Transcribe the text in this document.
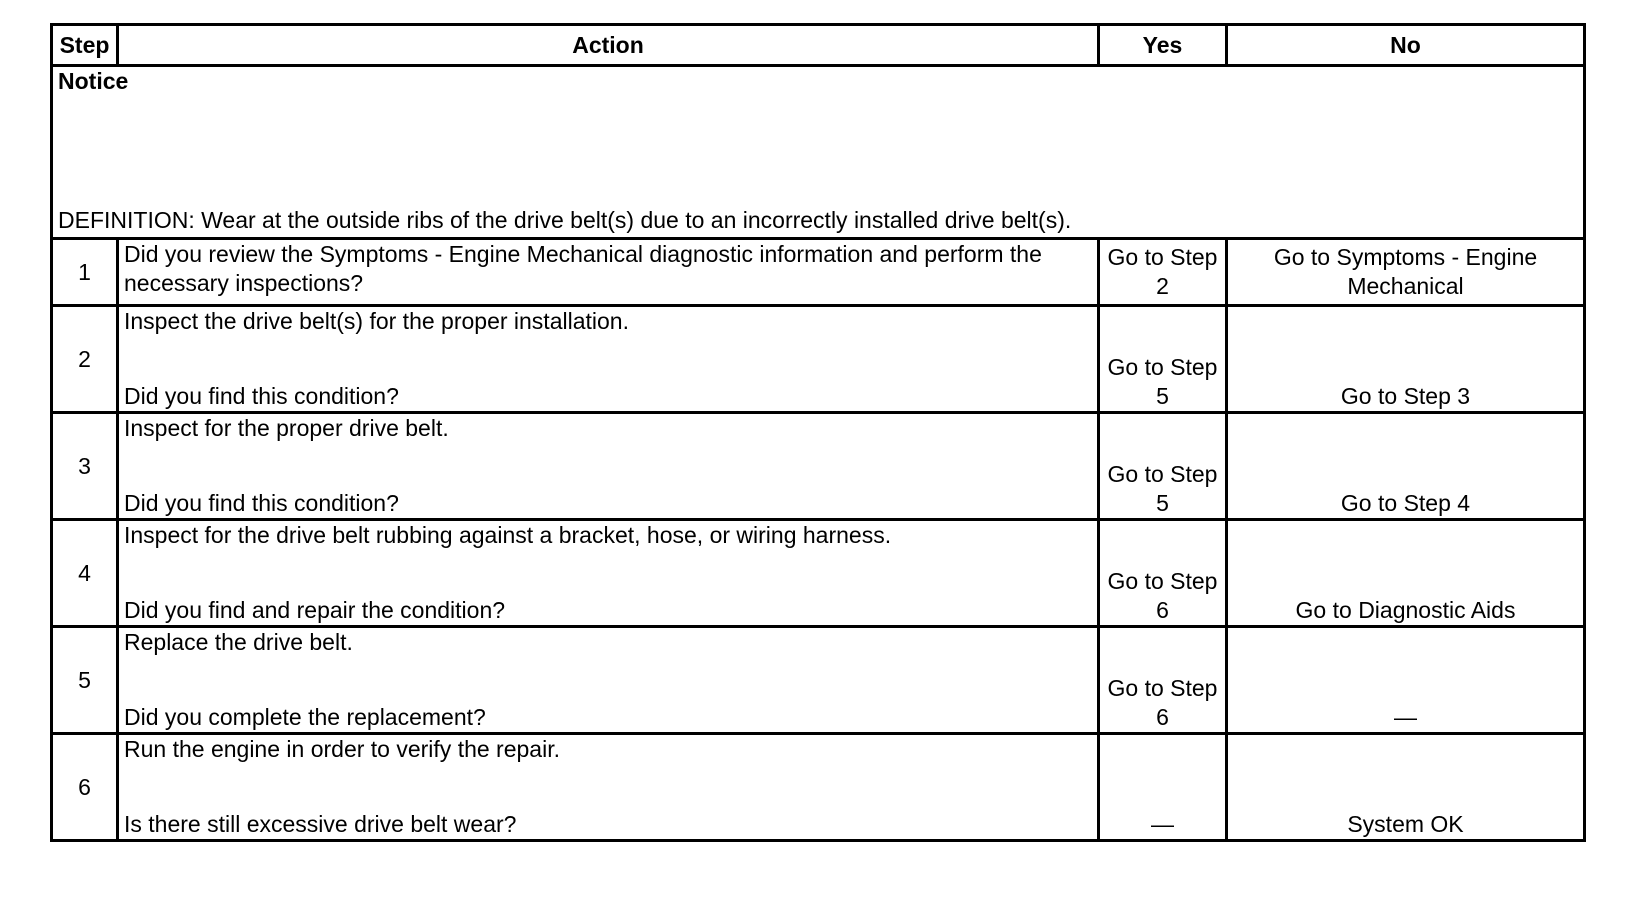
Step	Action	Yes	No

Notice
DEFINITION: Wear at the outside ribs of the drive belt(s) due to an incorrectly installed drive belt(s).			

1	Did you review the Symptoms - Engine Mechanical diagnostic information and perform the necessary inspections?	Go to Step 2	Go to Symptoms - Engine Mechanical
2	Inspect the drive belt(s) for the proper installation.
Did you find this condition?	Go to Step 5	Go to Step 3
3	Inspect for the proper drive belt.
Did you find this condition?	Go to Step 5	Go to Step 4
4	Inspect for the drive belt rubbing against a bracket, hose, or wiring harness.
Did you find and repair the condition?	Go to Step 6	Go to Diagnostic Aids
5	Replace the drive belt.
Did you complete the replacement?	Go to Step 6	—
6	Run the engine in order to verify the repair.
Is there still excessive drive belt wear?	—	System OK
